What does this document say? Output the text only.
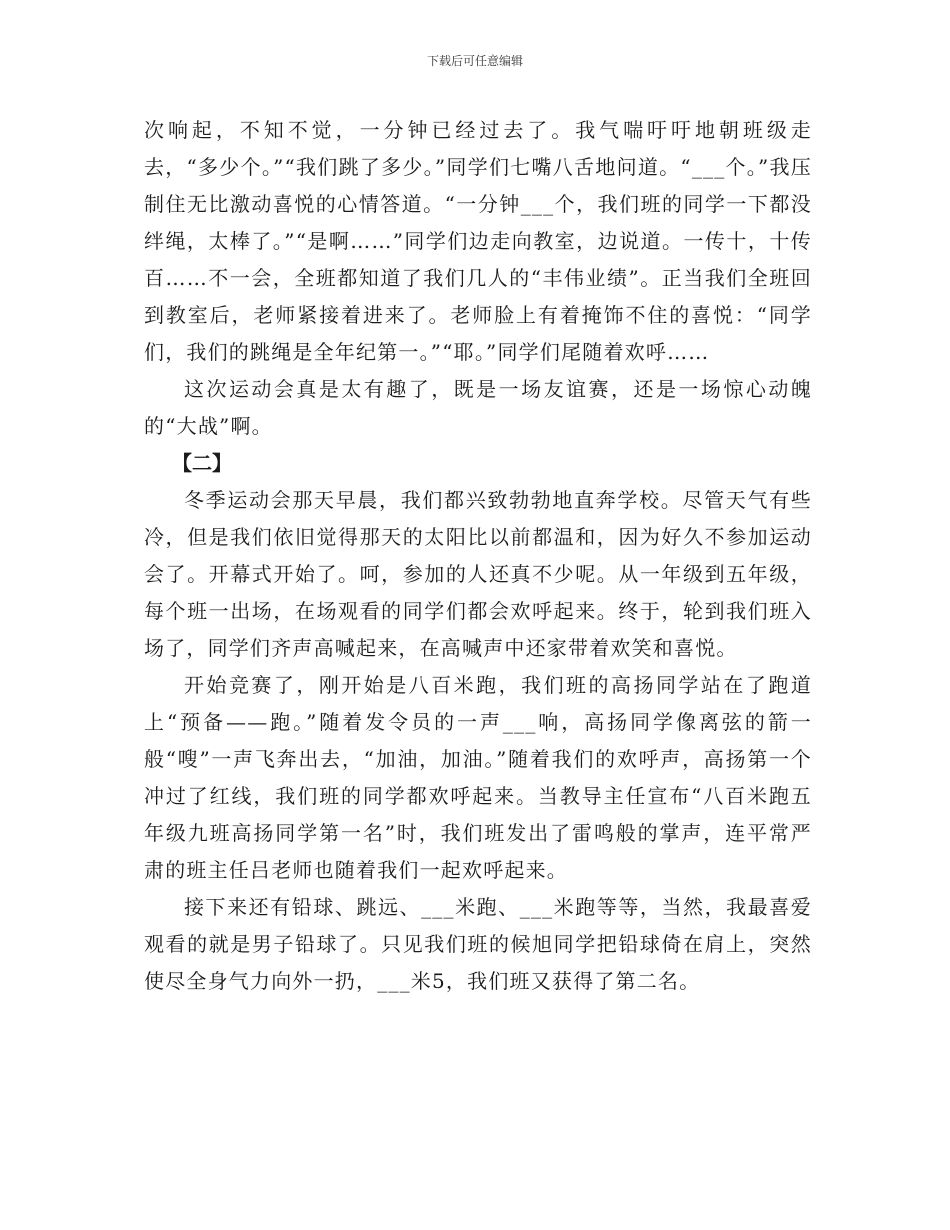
下载后可任意编辑

次响起，不知不觉，一分钟已经过去了。我气喘吁吁地朝班级走去，“多少个。”“我们跳了多少。”同学们七嘴八舌地问道。“___个。”我压制住无比激动喜悦的心情答道。“一分钟___个，我们班的同学一下都没绊绳，太棒了。”“是啊……”同学们边走向教室，边说道。一传十，十传百……不一会，全班都知道了我们几人的“丰伟业绩”。正当我们全班回到教室后，老师紧接着进来了。老师脸上有着掩饰不住的喜悦：“同学们，我们的跳绳是全年纪第一。”“耶。”同学们尾随着欢呼……

这次运动会真是太有趣了，既是一场友谊赛，还是一场惊心动魄的“大战”啊。

【二】

冬季运动会那天早晨，我们都兴致勃勃地直奔学校。尽管天气有些冷，但是我们依旧觉得那天的太阳比以前都温和，因为好久不参加运动会了。开幕式开始了。呵，参加的人还真不少呢。从一年级到五年级，每个班一出场，在场观看的同学们都会欢呼起来。终于，轮到我们班入场了，同学们齐声高喊起来，在高喊声中还家带着欢笑和喜悦。

开始竞赛了，刚开始是八百米跑，我们班的高扬同学站在了跑道上“预备——跑。”随着发令员的一声___响，高扬同学像离弦的箭一般“嗖”一声飞奔出去，“加油，加油。”随着我们的欢呼声，高扬第一个冲过了红线，我们班的同学都欢呼起来。当教导主任宣布“八百米跑五年级九班高扬同学第一名”时，我们班发出了雷鸣般的掌声，连平常严肃的班主任吕老师也随着我们一起欢呼起来。

接下来还有铅球、跳远、___米跑、___米跑等等，当然，我最喜爱观看的就是男子铅球了。只见我们班的候旭同学把铅球倚在肩上，突然使尽全身气力向外一扔，___米5，我们班又获得了第二名。
